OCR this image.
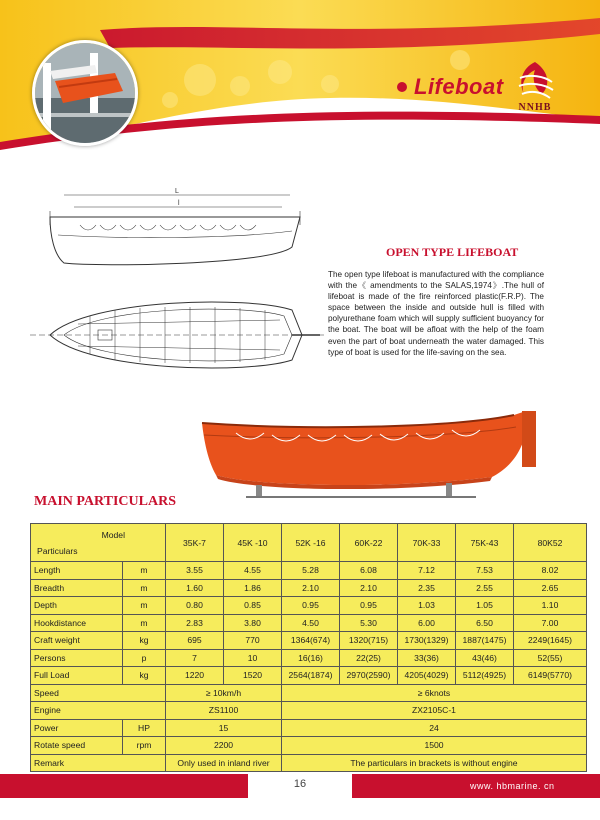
Lifeboat
NNHB
L
l
OPEN TYPE LIFEBOAT
The open type lifeboat is manufactured with the compliance with the《 amendments to the SALAS,1974》.The hull of lifeboat is made of the fire reinforced plastic(F.R.P). The space between the inside and outside hull is filled with polyurethane foam which will supply sufficient buoyancy for the boat. The boat will be afloat with the help of the foam even the part of boat underneath the water damaged. This type of boat is used for the life-saving on the sea.
MAIN PARTICULARS
Model
Particulars		35K-7	45K -10	52K -16	60K-22	70K-33	75K-43	80K52
Length	m	3.55	4.55	5.28	6.08	7.12	7.53	8.02
Breadth	m	1.60	1.86	2.10	2.10	2.35	2.55	2.65
Depth	m	0.80	0.85	0.95	0.95	1.03	1.05	1.10
Hookdistance	m	2.83	3.80	4.50	5.30	6.00	6.50	7.00
Craft weight	kg	695	770	1364(674)	1320(715)	1730(1329)	1887(1475)	2249(1645)
Persons	p	7	10	16(16)	22(25)	33(36)	43(46)	52(55)
Full Load	kg	1220	1520	2564(1874)	2970(2590)	4205(4029)	5112(4925)	6149(5770)
Speed		≥ 10km/h		≥ 6knots				
Engine		ZS1100		ZX2105C-1				
Power	HP	15		24				
Rotate speed	rpm	2200		1500				
Remark		Only used in inland river		The particulars in brackets is without engine				
16	www. hbmarine. cn
